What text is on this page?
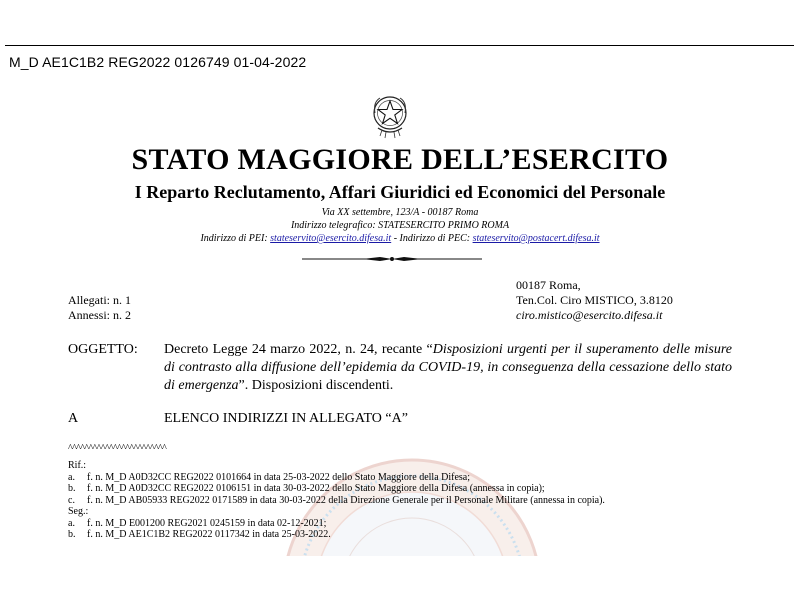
M_D AE1C1B2 REG2022 0126749 01-04-2022
STATO MAGGIORE DELL’ESERCITO
I Reparto Reclutamento, Affari Giuridici ed Economici del Personale
Via XX settembre, 123/A - 00187 Roma
Indirizzo telegrafico: STATESERCITO PRIMO ROMA
Indirizzo di PEI: stateservito@esercito.difesa.it - Indirizzo di PEC: stateservito@postacert.difesa.it
00187 Roma,
Ten.Col. Ciro MISTICO, 3.8120
ciro.mistico@esercito.difesa.it
Allegati: n. 1
Annessi: n. 2
OGGETTO: Decreto Legge 24 marzo 2022, n. 24, recante “Disposizioni urgenti per il superamento delle misure di contrasto alla diffusione dell’epidemia da COVID-19, in conseguenza della cessazione dello stato di emergenza”. Disposizioni discendenti.
A	ELENCO INDIRIZZI IN ALLEGATO “A”
^^^^^^^^^^^^^^^^^^^^^^^^
Rif.:
a. f. n. M_D A0D32CC REG2022 0101664 in data 25-03-2022 dello Stato Maggiore della Difesa;
b. f. n. M_D A0D32CC REG2022 0106151 in data 30-03-2022 dello Stato Maggiore della Difesa (annessa in copia);
c. f. n. M_D AB05933 REG2022 0171589 in data 30-03-2022 della Direzione Generale per il Personale Militare (annessa in copia).
Seg.:
a. f. n. M_D E001200 REG2021 0245159 in data 02-12-2021;
b. f. n. M_D AE1C1B2 REG2022 0117342 in data 25-03-2022.
